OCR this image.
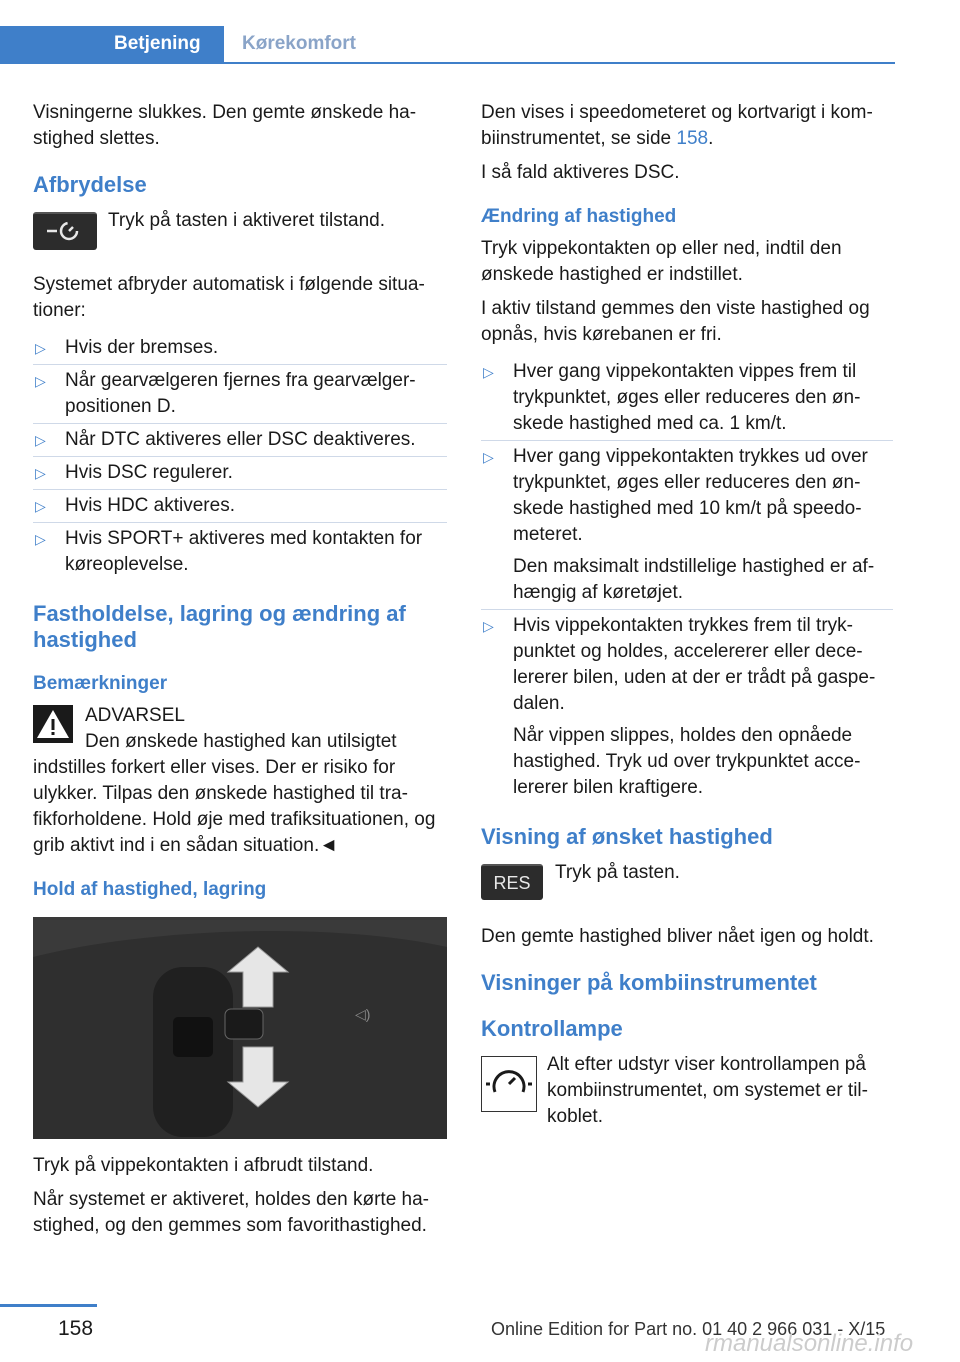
Betjening Kørekomfort

Visningerne slukkes. Den gemte ønskede hastighed slettes.

Afbrydelse
Tryk på tasten i aktiveret tilstand.

Systemet afbryder automatisk i følgende situationer:

▷ Hvis der bremses.
▷ Når gearvælgeren fjernes fra gearvælgerpositionen D.
▷ Når DTC aktiveres eller DSC deaktiveres.
▷ Hvis DSC regulerer.
▷ Hvis HDC aktiveres.
▷ Hvis SPORT+ aktiveres med kontakten for køreoplevelse.
Fastholdelse, lagring og ændring af hastighed
Bemærkninger
ADVARSEL
Den ønskede hastighed kan utilsigtet indstilles forkert eller vises. Der er risiko for ulykker. Tilpas den ønskede hastighed til trafikforholdene. Hold øje med trafiksituationen, og grib aktivt ind i en sådan situation.◄
Hold af hastighed, lagring
◁)

Tryk på vippekontakten i afbrudt tilstand.

Når systemet er aktiveret, holdes den kørte hastighed, og den gemmes som favorithastighed.

Den vises i speedometeret og kortvarigt i kombiinstrumentet, se side 158.

I så fald aktiveres DSC.

Ændring af hastighed

Tryk vippekontakten op eller ned, indtil den ønskede hastighed er indstillet.

I aktiv tilstand gemmes den viste hastighed og opnås, hvis kørebanen er fri.

▷ Hver gang vippekontakten vippes frem til trykpunktet, øges eller reduceres den ønskede hastighed med ca. 1 km/t.
▷ Hver gang vippekontakten trykkes ud over trykpunktet, øges eller reduceres den ønskede hastighed med 10 km/t på speedometeret.
Den maksimalt indstillelige hastighed er afhængig af køretøjet.
▷ Hvis vippekontakten trykkes frem til trykpunktet og holdes, accelererer eller decelererer bilen, uden at der er trådt på gaspedalen.
Når vippen slippes, holdes den opnåede hastighed. Tryk ud over trykpunktet accelererer bilen kraftigere.
Visning af ønsket hastighed
RES	Tryk på tasten.

Den gemte hastighed bliver nået igen og holdt.

Visninger på kombiinstrumentet
Kontrollampe
Alt efter udstyr viser kontrollampen på kombiinstrumentet, om systemet er tilkoblet.
158	Online Edition for Part no. 01 40 2 966 031 - X/15
rmanualsonline.info
